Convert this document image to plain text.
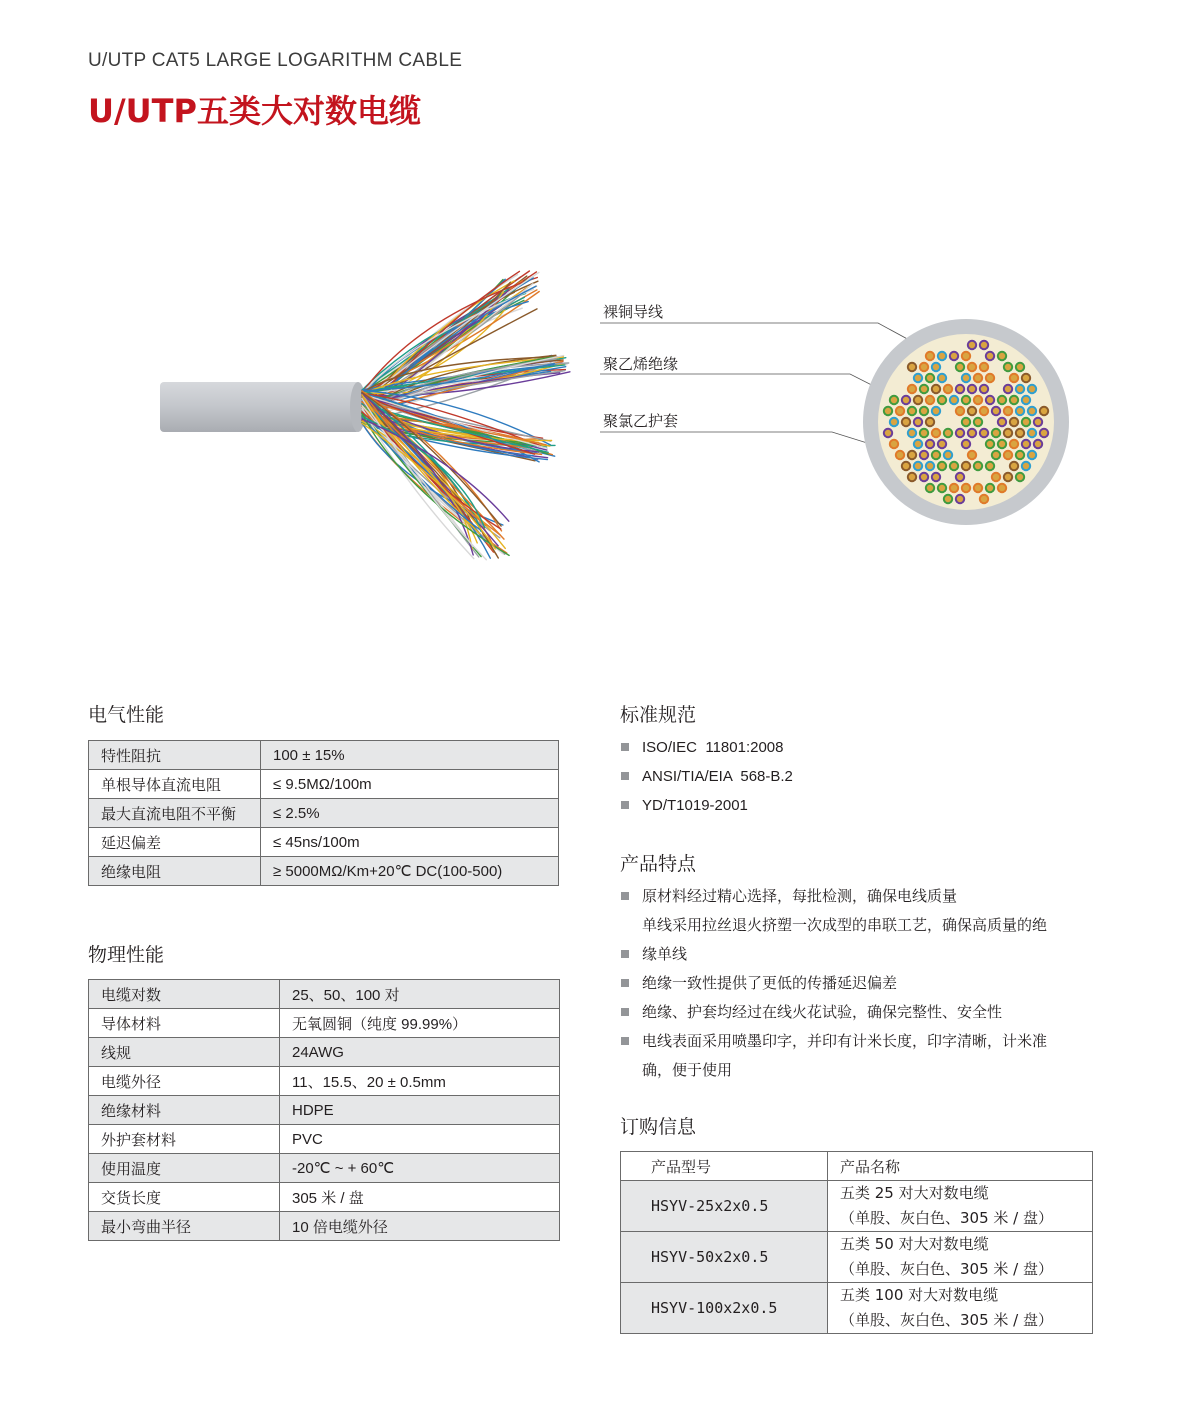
U/UTP CAT5 LARGE LOGARITHM CABLE

U/UTP五类大对数电缆
裸铜导线
聚乙烯绝缘
聚氯乙护套
电气性能
特性阻抗	100 ± 15%
单根导体直流电阻	≤ 9.5MΩ/100m
最大直流电阻不平衡	≤ 2.5%
延迟偏差	≤ 45ns/100m
绝缘电阻	≥ 5000MΩ/Km+20℃ DC(100-500)
物理性能
电缆对数	25、50、100 对
导体材料	无氧圆铜（纯度 99.99%）
线规	24AWG
电缆外径	11、15.5、20 ± 0.5mm
绝缘材料	HDPE
外护套材料	PVC
使用温度	-20℃ ~ + 60℃
交货长度	305 米 / 盘
最小弯曲半径	10 倍电缆外径
标准规范
ISO/IEC  11801:2008
ANSI/TIA/EIA  568-B.2
YD/T1019-2001
产品特点
原材料经过精心选择，每批检测，确保电线质量
单线采用拉丝退火挤塑一次成型的串联工艺，确保高质量的绝
缘单线
绝缘一致性提供了更低的传播延迟偏差
绝缘、护套均经过在线火花试验，确保完整性、安全性
电线表面采用喷墨印字，并印有计米长度，印字清晰，计米准
确，便于使用
订购信息
产品型号	产品名称
HSYV-25x2x0.5	五类 25 对大对数电缆
（单股、灰白色、305 米 / 盘）

HSYV-50x2x0.5	五类 50 对大对数电缆
（单股、灰白色、305 米 / 盘）

HSYV-100x2x0.5	五类 100 对大对数电缆
（单股、灰白色、305 米 / 盘）
